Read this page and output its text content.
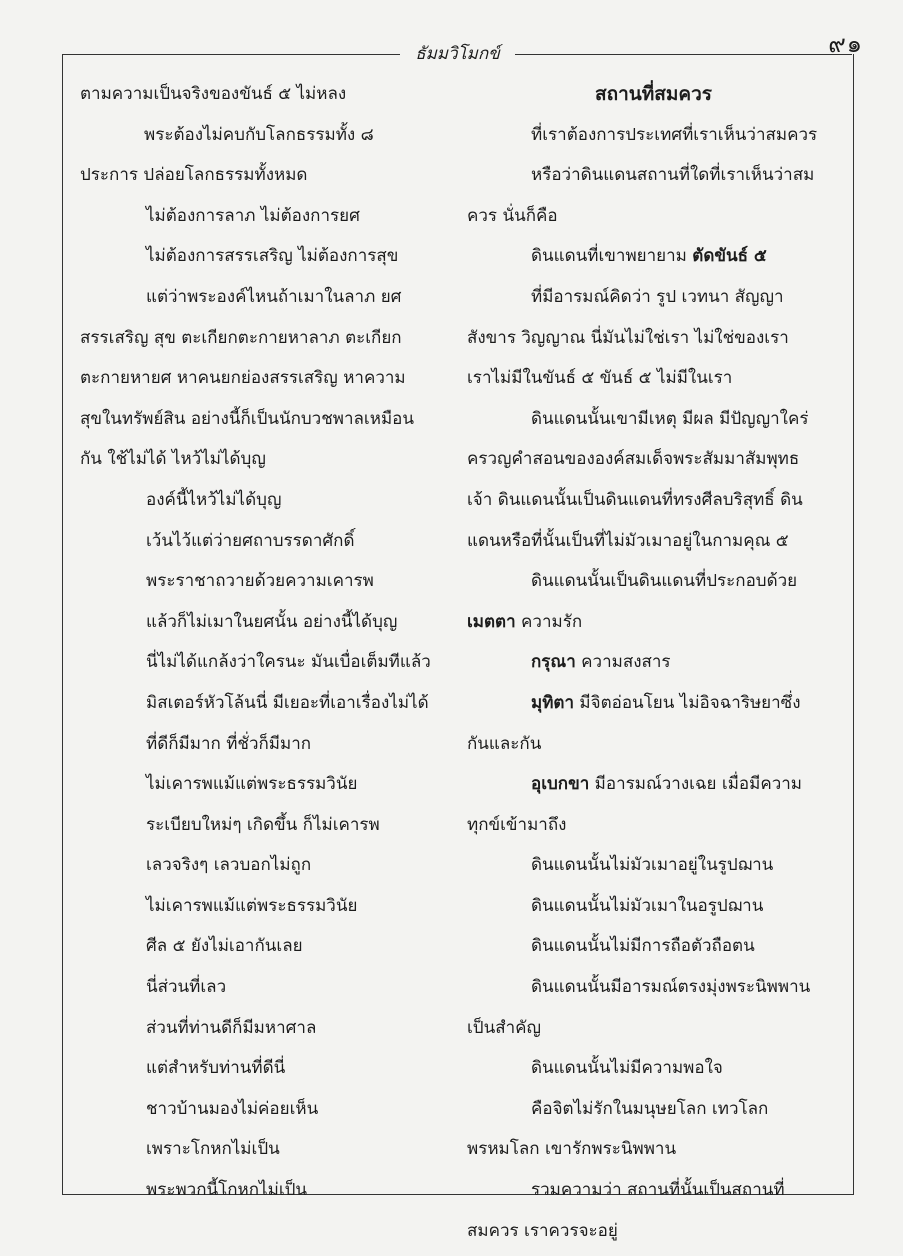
๙๑
ธัมมวิโมกข์
ตามความเป็นจริงของขันธ์ ๕ ไม่หลง
พระต้องไม่คบกับโลกธรรมทั้ง ๘
ประการ ปล่อยโลกธรรมทั้งหมด
ไม่ต้องการลาภ ไม่ต้องการยศ
ไม่ต้องการสรรเสริญ ไม่ต้องการสุข
แต่ว่าพระองค์ไหนถ้าเมาในลาภ ยศ
สรรเสริญ สุข ตะเกียกตะกายหาลาภ ตะเกียก
ตะกายหายศ หาคนยกย่องสรรเสริญ หาความ
สุขในทรัพย์สิน อย่างนี้ก็เป็นนักบวชพาลเหมือน
กัน ใช้ไม่ได้ ไหว้ไม่ได้บุญ
องค์นี้ไหว้ไม่ได้บุญ
เว้นไว้แต่ว่ายศถาบรรดาศักดิ์
พระราชาถวายด้วยความเคารพ
แล้วก็ไม่เมาในยศนั้น อย่างนี้ได้บุญ
นี่ไม่ได้แกล้งว่าใครนะ มันเบื่อเต็มทีแล้ว
มิสเตอร์หัวโล้นนี่ มีเยอะที่เอาเรื่องไม่ได้
ที่ดีก็มีมาก ที่ชั่วก็มีมาก
ไม่เคารพแม้แต่พระธรรมวินัย
ระเบียบใหม่ๆ เกิดขึ้น ก็ไม่เคารพ
เลวจริงๆ เลวบอกไม่ถูก
ไม่เคารพแม้แต่พระธรรมวินัย
ศีล ๕ ยังไม่เอากันเลย
นี่ส่วนที่เลว
ส่วนที่ท่านดีก็มีมหาศาล
แต่สำหรับท่านที่ดีนี่
ชาวบ้านมองไม่ค่อยเห็น
เพราะโกหกไม่เป็น
พระพวกนี้โกหกไม่เป็น
สถานที่สมควร
ที่เราต้องการประเทศที่เราเห็นว่าสมควร
หรือว่าดินแดนสถานที่ใดที่เราเห็นว่าสม
ควร นั่นก็คือ
ดินแดนที่เขาพยายาม ตัดขันธ์ ๕
ที่มีอารมณ์คิดว่า รูป เวทนา สัญญา
สังขาร วิญญาณ นี่มันไม่ใช่เรา ไม่ใช่ของเรา
เราไม่มีในขันธ์ ๕ ขันธ์ ๕ ไม่มีในเรา
ดินแดนนั้นเขามีเหตุ มีผล มีปัญญาใคร่
ครวญคำสอนขององค์สมเด็จพระสัมมาสัมพุทธ
เจ้า ดินแดนนั้นเป็นดินแดนที่ทรงศีลบริสุทธิ์ ดิน
แดนหรือที่นั้นเป็นที่ไม่มัวเมาอยู่ในกามคุณ ๕
ดินแดนนั้นเป็นดินแดนที่ประกอบด้วย
เมตตา ความรัก
กรุณา ความสงสาร
มุทิตา มีจิตอ่อนโยน ไม่อิจฉาริษยาซึ่ง
กันและกัน
อุเบกขา มีอารมณ์วางเฉย เมื่อมีความ
ทุกข์เข้ามาถึง
ดินแดนนั้นไม่มัวเมาอยู่ในรูปฌาน
ดินแดนนั้นไม่มัวเมาในอรูปฌาน
ดินแดนนั้นไม่มีการถือตัวถือตน
ดินแดนนั้นมีอารมณ์ตรงมุ่งพระนิพพาน
เป็นสำคัญ
ดินแดนนั้นไม่มีความพอใจ
คือจิตไม่รักในมนุษยโลก เทวโลก
พรหมโลก เขารักพระนิพพาน
รวมความว่า สถานที่นั้นเป็นสถานที่
สมควร เราควรจะอยู่
